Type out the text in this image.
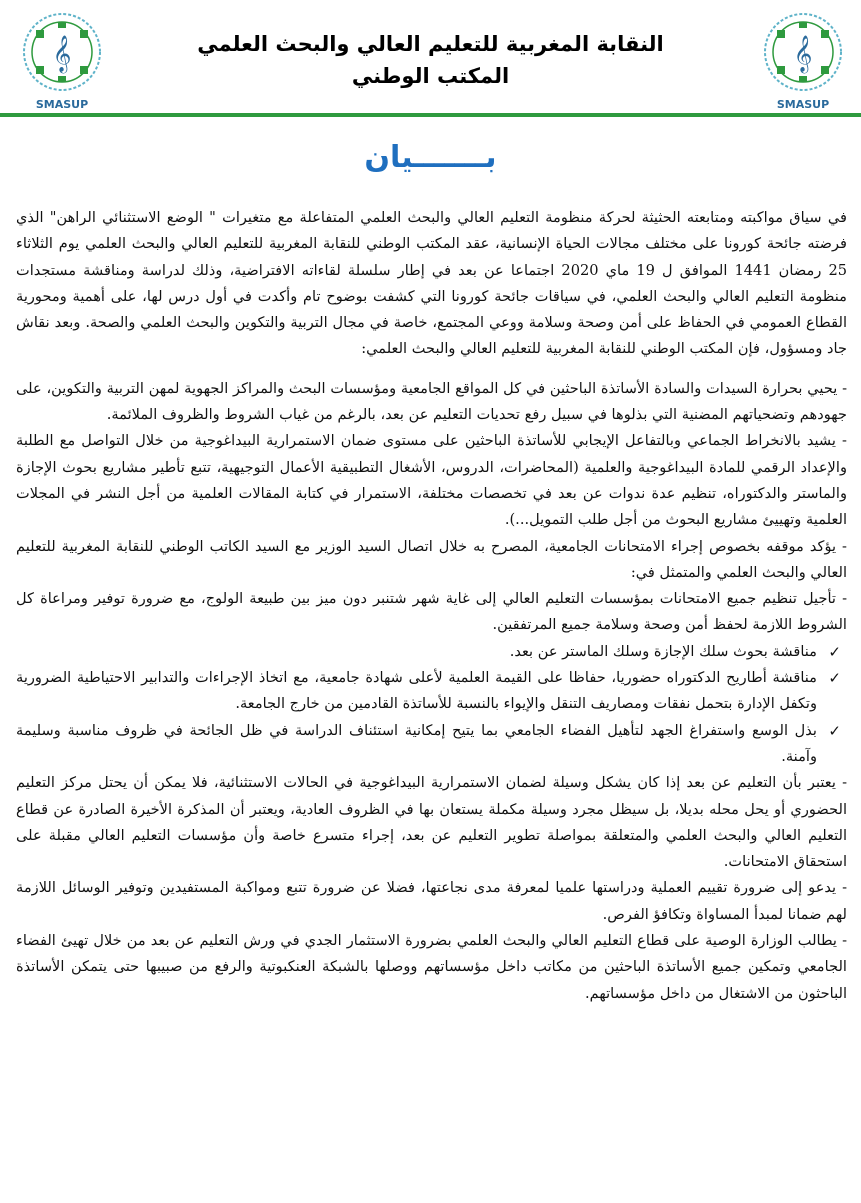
𝄞
SMASUP
النقابة المغربية للتعليم العالي والبحث العلمي
المكتب الوطني
𝄞
SMASUP
بـــــــيان

في سياق مواكبته ومتابعته الحثيثة لحركة منظومة التعليم العالي والبحث العلمي المتفاعلة مع متغيرات " الوضع الاستثنائي الراهن" الذي فرضته جائحة كورونا على مختلف مجالات الحياة الإنسانية، عقد المكتب الوطني للنقابة المغربية للتعليم العالي والبحث العلمي يوم الثلاثاء 25 رمضان 1441 الموافق ل 19 ماي 2020 اجتماعا عن بعد في إطار سلسلة لقاءاته الافتراضية، وذلك لدراسة ومناقشة مستجدات منظومة التعليم العالي والبحث العلمي، في سياقات جائحة كورونا التي كشفت بوضوح تام وأكدت في أول درس لها، على أهمية ومحورية القطاع العمومي في الحفاظ على أمن وصحة وسلامة ووعي المجتمع، خاصة في مجال التربية والتكوين والبحث العلمي والصحة. وبعد نقاش جاد ومسؤول، فإن المكتب الوطني للنقابة المغربية للتعليم العالي والبحث العلمي:

- يحيي بحرارة السيدات والسادة الأساتذة الباحثين في كل المواقع الجامعية ومؤسسات البحث والمراكز الجهوية لمهن التربية والتكوين، على جهودهم وتضحياتهم المضنية التي بذلوها في سبيل رفع تحديات التعليم عن بعد، بالرغم من غياب الشروط والظروف الملائمة.

- يشيد بالانخراط الجماعي وبالتفاعل الإيجابي للأساتذة الباحثين على مستوى ضمان الاستمرارية البيداغوجية من خلال التواصل مع الطلبة والإعداد الرقمي للمادة البيداغوجية والعلمية (المحاضرات، الدروس، الأشغال التطبيقية الأعمال التوجيهية، تتبع تأطير مشاريع بحوث الإجازة والماستر والدكتوراه، تنظيم عدة ندوات عن بعد في تخصصات مختلفة، الاستمرار في كتابة المقالات العلمية من أجل النشر في المجلات العلمية وتهييئ مشاريع البحوث من أجل طلب التمويل...).

- يؤكد موقفه بخصوص إجراء الامتحانات الجامعية، المصرح به خلال اتصال السيد الوزير مع السيد الكاتب الوطني للنقابة المغربية للتعليم العالي والبحث العلمي والمتمثل في:

- تأجيل تنظيم جميع الامتحانات بمؤسسات التعليم العالي إلى غاية شهر شتنبر دون ميز بين طبيعة الولوج، مع ضرورة توفير ومراعاة كل الشروط اللازمة لحفظ أمن وصحة وسلامة جميع المرتفقين.

✓
مناقشة بحوث سلك الإجازة وسلك الماستر عن بعد.
✓
مناقشة أطاريح الدكتوراه حضوريا، حفاظا على القيمة العلمية لأعلى شهادة جامعية، مع اتخاذ الإجراءات والتدابير الاحتياطية الضرورية وتكفل الإدارة بتحمل نفقات ومصاريف التنقل والإيواء بالنسبة للأساتذة القادمين من خارج الجامعة.
✓
بذل الوسع واستفراغ الجهد لتأهيل الفضاء الجامعي بما يتيح إمكانية استئناف الدراسة في ظل الجائحة في ظروف مناسبة وسليمة وآمنة.

- يعتبر بأن التعليم عن بعد إذا كان يشكل وسيلة لضمان الاستمرارية البيداغوجية في الحالات الاستثنائية، فلا يمكن أن يحتل مركز التعليم الحضوري أو يحل محله بديلا، بل سيظل مجرد وسيلة مكملة يستعان بها في الظروف العادية، ويعتبر أن المذكرة الأخيرة الصادرة عن قطاع التعليم العالي والبحث العلمي والمتعلقة بمواصلة تطوير التعليم عن بعد، إجراء متسرع خاصة وأن مؤسسات التعليم العالي مقبلة على استحقاق الامتحانات.

- يدعو إلى ضرورة تقييم العملية ودراستها علميا لمعرفة مدى نجاعتها، فضلا عن ضرورة تتبع ومواكبة المستفيدين وتوفير الوسائل اللازمة لهم ضمانا لمبدأ المساواة وتكافؤ الفرص.

- يطالب الوزارة الوصية على قطاع التعليم العالي والبحث العلمي بضرورة الاستثمار الجدي في ورش التعليم عن بعد من خلال تهيئ الفضاء الجامعي وتمكين جميع الأساتذة الباحثين من مكاتب داخل مؤسساتهم ووصلها بالشبكة العنكبوتية والرفع من صبيبها حتى يتمكن الأساتذة الباحثون من الاشتغال من داخل مؤسساتهم.
